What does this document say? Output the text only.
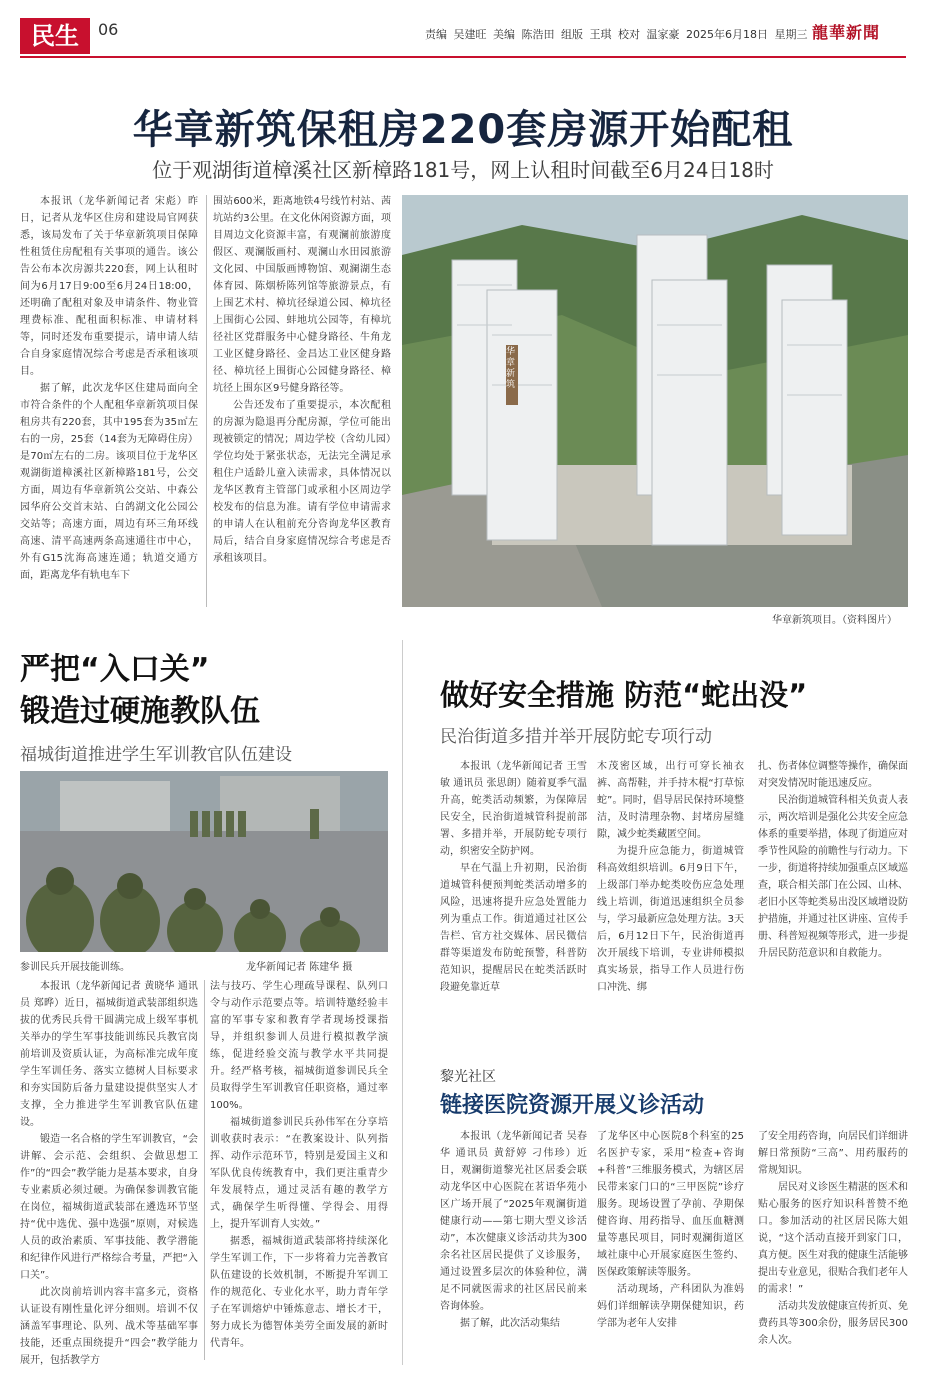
民生	06	责编 吴建旺 美编 陈浩田 组版 王琪 校对 温家豪 2025年6月18日 星期三 龍華新聞
华章新筑保租房220套房源开始配租
位于观湖街道樟溪社区新樟路181号，网上认租时间截至6月24日18时

本报讯（龙华新闻记者 宋彪）昨日，记者从龙华区住房和建设局官网获悉，该局发布了关于华章新筑项目保障性租赁住房配租有关事项的通告。该公告公布本次房源共220套，网上认租时间为6月17日9:00至6月24日18:00，还明确了配租对象及申请条件、物业管理费标准、配租面积标准、申请材料等，同时还发布重要提示，请申请人结合自身家庭情况综合考虑是否承租该项目。

据了解，此次龙华区住建局面向全市符合条件的个人配租华章新筑项目保租房共有220套，其中195套为35㎡左右的一房，25套（14套为无障碍住房）是70㎡左右的二房。该项目位于龙华区观湖街道樟溪社区新樟路181号，公交方面，周边有华章新筑公交站、中森公园华府公交首末站、白鸽湖文化公园公交站等；高速方面，周边有环三角环线高速、清平高速两条高速通往市中心，外有G15沈海高速连通；轨道交通方面，距离龙华有轨电车下

围站600米，距离地铁4号线竹村站、茜坑站约3公里。在文化休闲资源方面，项目周边文化资源丰富，有观澜前旅游度假区、观澜版画村、观澜山水田园旅游文化园、中国版画博物馆、观澜湖生态体育园、陈烟桥陈列馆等旅游景点，有上围艺术村、樟坑径绿道公园、樟坑径上围街心公园、蚌地坑公园等，有樟坑径社区党群服务中心健身路径、牛角龙工业区健身路径、金昌达工业区健身路径、樟坑径上围街心公园健身路径、樟坑径上围东区9号健身路径等。

公告还发布了重要提示，本次配租的房源为隐退再分配房源，学位可能出现被锁定的情况；周边学校（含幼儿园）学位均处于紧张状态，无法完全满足承租住户适龄儿童入读需求，具体情况以龙华区教育主管部门或承租小区周边学校发布的信息为准。请有学位申请需求的申请人在认租前充分咨询龙华区教育局后，结合自身家庭情况综合考虑是否承租该项目。

华章新筑
华章新筑项目。（资料图片）
严把“入口关”
锻造过硬施教队伍
福城街道推进学生军训教官队伍建设
参训民兵开展技能训练。	龙华新闻记者 陈建华 摄

本报讯（龙华新闻记者 黄晓华 通讯员 郑晔）近日，福城街道武装部组织选拔的优秀民兵骨干圆满完成上级军事机关举办的学生军事技能训练民兵教官岗前培训及资质认证，为高标准完成年度学生军训任务、落实立德树人目标要求和夯实国防后备力量建设提供坚实人才支撑，全力推进学生军训教官队伍建设。

锻造一名合格的学生军训教官，“会讲解、会示范、会组织、会做思想工作”的“四会”教学能力是基本要求，自身专业素质必须过硬。为确保参训教官能在岗位，福城街道武装部在遴选环节坚持“优中选优、强中选强”原则，对候选人员的政治素质、军事技能、教学潜能和纪律作风进行严格综合考量，严把“入口关”。

此次岗前培训内容丰富多元，资格认证设有刚性量化评分细则。培训不仅涵盖军事理论、队列、战术等基础军事技能，还重点围绕提升“四会”教学能力展开，包括教学方

法与技巧、学生心理疏导课程、队列口令与动作示范要点等。培训特邀经验丰富的军事专家和教育学者现场授课指导，并组织参训人员进行模拟教学演练，促进经验交流与教学水平共同提升。经严格考核，福城街道参训民兵全员取得学生军训教官任职资格，通过率100%。

福城街道参训民兵孙伟军在分享培训收获时表示：“在教案设计、队列指挥、动作示范环节，特别是爱国主义和军队优良传统教育中，我们更注重青少年发展特点，通过灵活有趣的教学方式，确保学生听得懂、学得会、用得上，提升军训育人实效。”

据悉，福城街道武装部将持续深化学生军训工作，下一步将着力完善教官队伍建设的长效机制，不断提升军训工作的规范化、专业化水平，助力青年学子在军训熔炉中锤炼意志、增长才干，努力成长为德智体美劳全面发展的新时代青年。

做好安全措施 防范“蛇出没”
民治街道多措并举开展防蛇专项行动

本报讯（龙华新闻记者 王雪敏 通讯员 张思朗）随着夏季气温升高，蛇类活动频繁，为保障居民安全，民治街道城管科提前部署、多措并举，开展防蛇专项行动，织密安全防护网。

早在气温上升初期，民治街道城管科便预判蛇类活动增多的风险，迅速将提升应急处置能力列为重点工作。街道通过社区公告栏、官方社交媒体、居民微信群等渠道发布防蛇预警，科普防范知识，提醒居民在蛇类活跃时段避免靠近草

木茂密区域，出行可穿长袖衣裤、高帮鞋，并手持木棍“打草惊蛇”。同时，倡导居民保持环境整洁，及时清理杂物、封堵房屋缝隙，减少蛇类藏匿空间。

为提升应急能力，街道城管科高效组织培训。6月9日下午，上级部门举办蛇类咬伤应急处理线上培训，街道迅速组织全员参与，学习最新应急处理方法。3天后，6月12日下午，民治街道再次开展线下培训，专业讲师模拟真实场景，指导工作人员进行伤口冲洗、绑

扎、伤者体位调整等操作，确保面对突发情况时能迅速反应。

民治街道城管科相关负责人表示，两次培训是强化公共安全应急体系的重要举措，体现了街道应对季节性风险的前瞻性与行动力。下一步，街道将持续加强重点区域巡查，联合相关部门在公园、山林、老旧小区等蛇类易出没区域增设防护措施，并通过社区讲座、宣传手册、科普短视频等形式，进一步提升居民防范意识和自救能力。

黎光社区
链接医院资源开展义诊活动

本报讯（龙华新闻记者 吴春华 通讯员 黄舒婷 刁伟珍）近日，观澜街道黎光社区居委会联动龙华区中心医院在茗语华苑小区广场开展了“2025年观澜街道健康行动——第七期大型义诊活动”，本次健康义诊活动共为300余名社区居民提供了义诊服务，通过设置多层次的体验种位，满足不同就医需求的社区居民前来咨询体验。

据了解，此次活动集结

了龙华区中心医院8个科室的25名医护专家，采用“检查+咨询+科普”三维服务模式，为辖区居民带来家门口的“三甲医院”诊疗服务。现场设置了孕前、孕期保健咨询、用药指导、血压血糖测量等惠民项目，同时观澜街道区域社康中心开展家庭医生签约、医保政策解读等服务。

活动现场，产科团队为准妈妈们详细解读孕期保健知识，药学部为老年人安排

了安全用药咨询，向居民们详细讲解日常预防“三高”、用药服药的常规知识。

居民对义诊医生精湛的医术和贴心服务的医疗知识科普赞不绝口。参加活动的社区居民陈大姐说，“这个活动直接开到家门口，真方便。医生对我的健康生活能够提出专业意见，很贴合我们老年人的需求！”

活动共发放健康宣传折页、免费药具等300余份，服务居民300余人次。
